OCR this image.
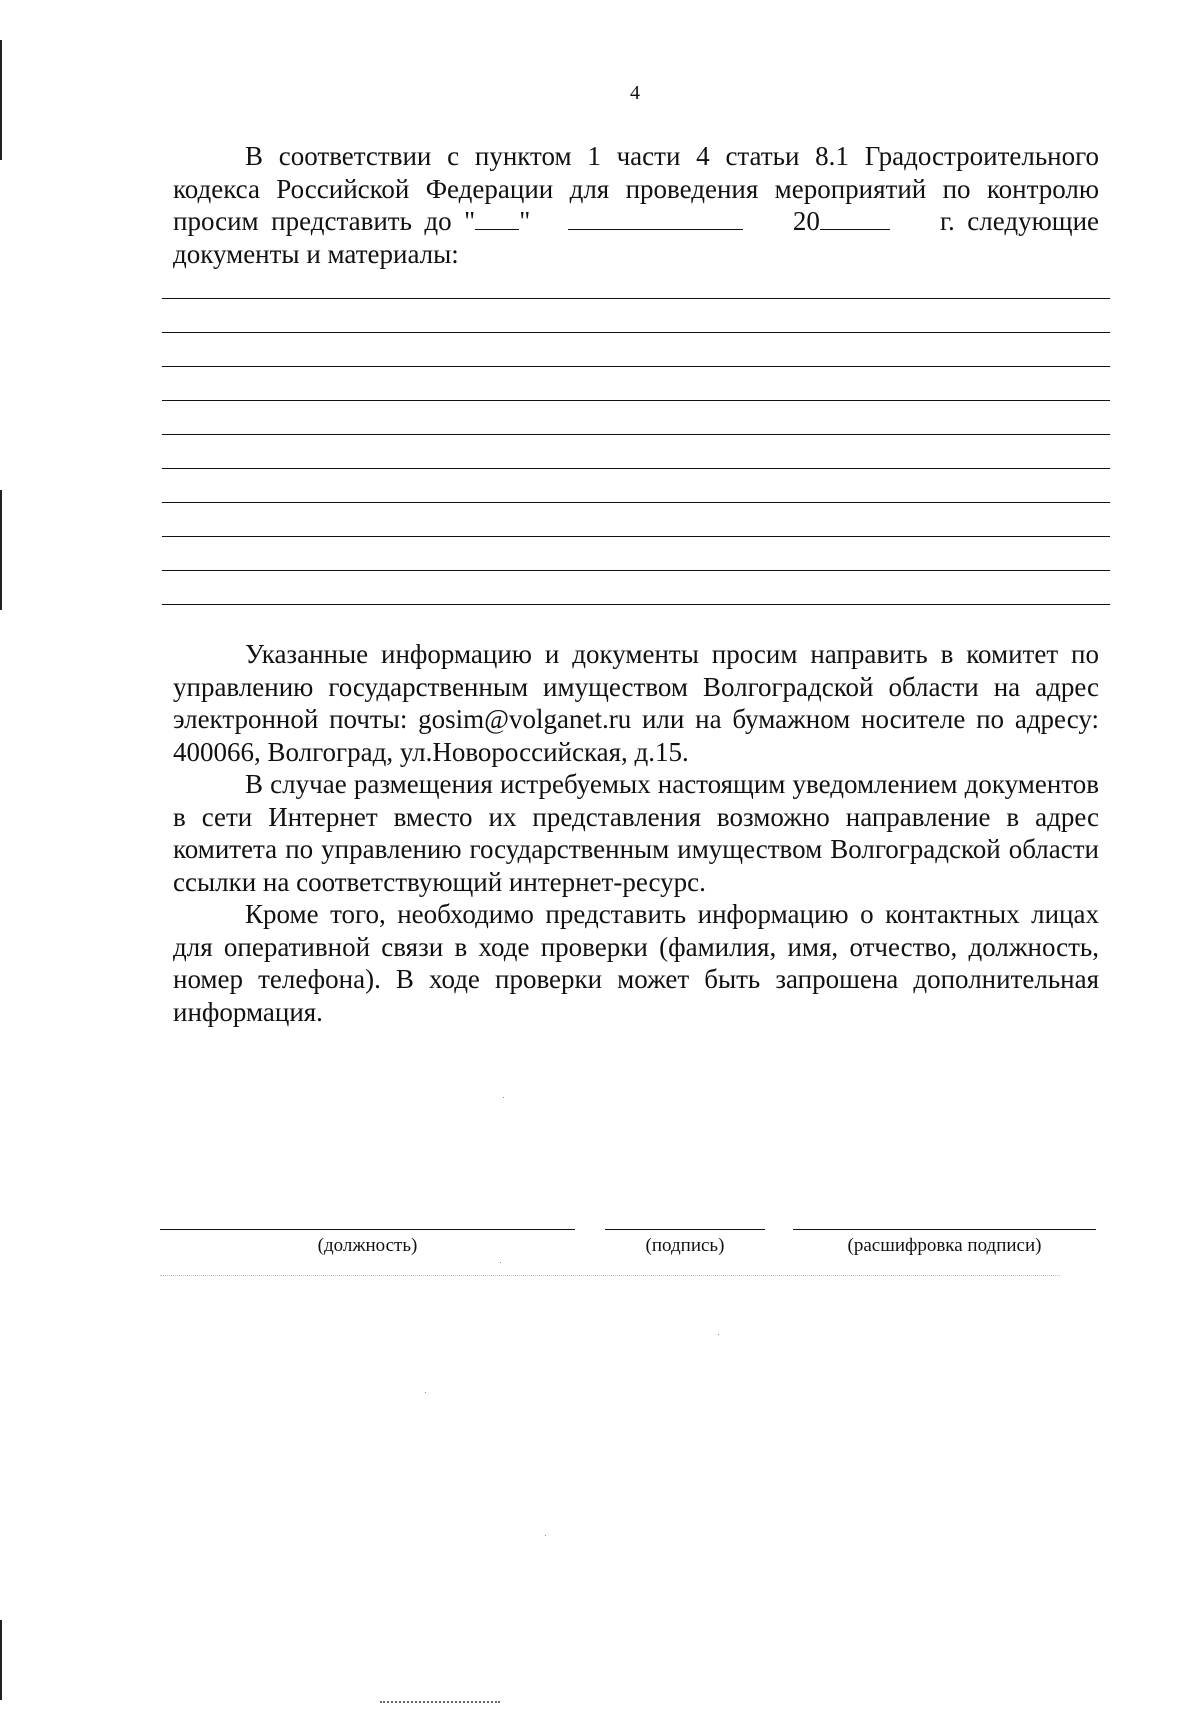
4

В соответствии с пунктом 1 части 4 статьи 8.1 Градостроительного

кодекса Российской Федерации для проведения мероприятий по контролю

просим представить до " "	20	г. следующие

документы и материалы:

Указанные информацию и документы просим направить в комитет по управлению государственным имуществом Волгоградской области на адрес электронной почты: gosim@volganet.ru или на бумажном носителе по адресу: 400066, Волгоград, ул.Новороссийская, д.15.

В случае размещения истребуемых настоящим уведомлением документов в сети Интернет вместо их представления возможно направление в адрес комитета по управлению государственным имуществом Волгоградской области ссылки на соответствующий интернет-ресурс.

Кроме того, необходимо представить информацию о контактных лицах для оперативной связи в ходе проверки (фамилия, имя, отчество, должность, номер телефона). В ходе проверки может быть запрошена дополнительная информация.

(должность)	(подпись)	(расшифровка подписи)
